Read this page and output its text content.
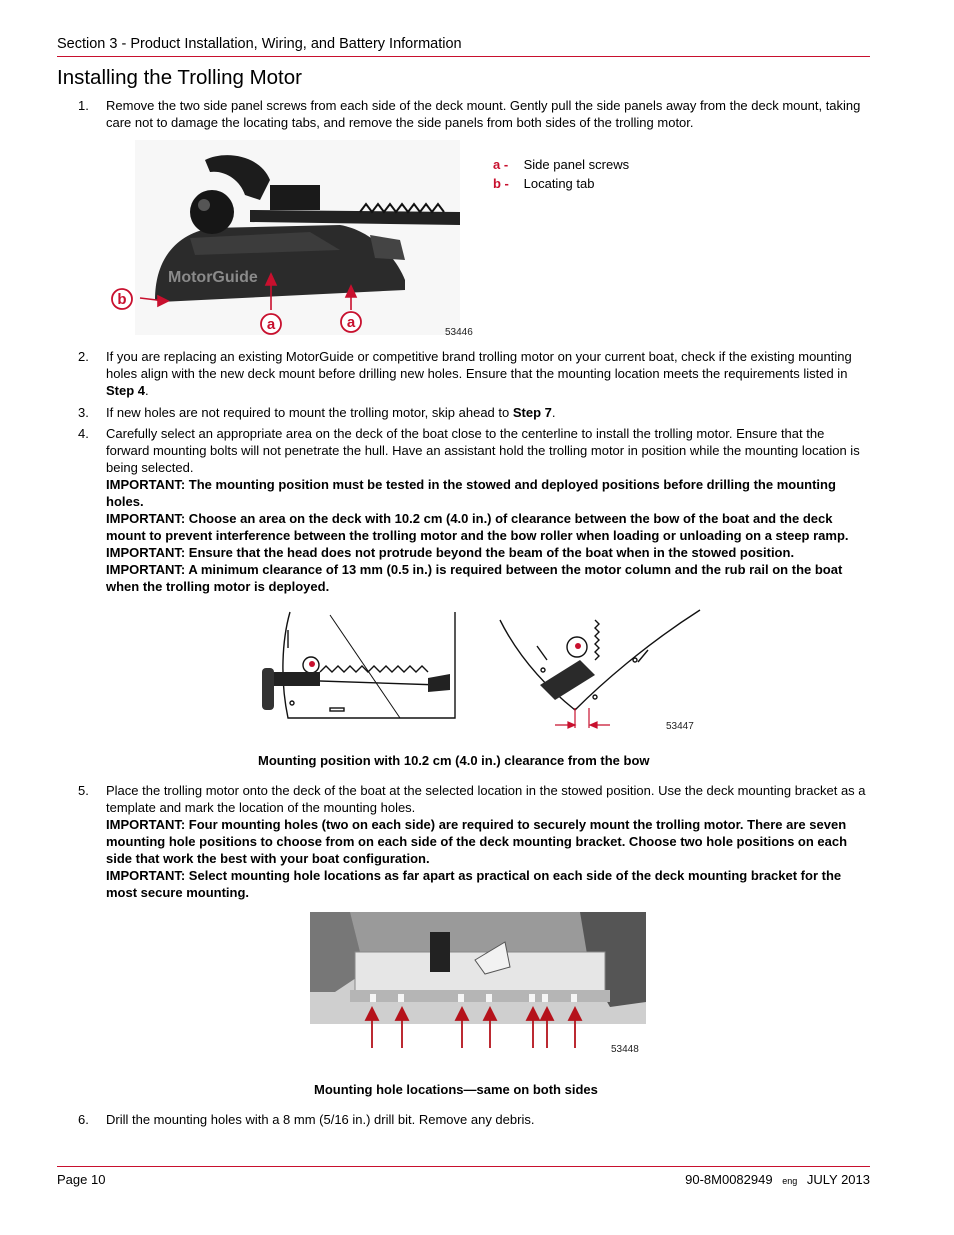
Section 3 - Product Installation, Wiring, and Battery Information
Installing the Trolling Motor
1. Remove the two side panel screws from each side of the deck mount. Gently pull the side panels away from the deck mount, taking care not to damage the locating tabs, and remove the side panels from both sides of the trolling motor.
MotorGuide
b
a	a
53446
a - Side panel screws
b - Locating tab
2. If you are replacing an existing MotorGuide or competitive brand trolling motor on your current boat, check if the existing mounting holes align with the new deck mount before drilling new holes. Ensure that the mounting location meets the requirements listed in Step 4.
3. If new holes are not required to mount the trolling motor, skip ahead to Step 7.
4. Carefully select an appropriate area on the deck of the boat close to the centerline to install the trolling motor. Ensure that the forward mounting bolts will not penetrate the hull. Have an assistant hold the trolling motor in position while the mounting location is being selected.
IMPORTANT: The mounting position must be tested in the stowed and deployed positions before drilling the mounting holes.
IMPORTANT: Choose an area on the deck with 10.2 cm (4.0 in.) of clearance between the bow of the boat and the deck mount to prevent interference between the trolling motor and the bow roller when loading or unloading on a steep ramp.
IMPORTANT: Ensure that the head does not protrude beyond the beam of the boat when in the stowed position.
IMPORTANT: A minimum clearance of 13 mm (0.5 in.) is required between the motor column and the rub rail on the boat when the trolling motor is deployed.
53447
Mounting position with 10.2 cm (4.0 in.) clearance from the bow
5. Place the trolling motor onto the deck of the boat at the selected location in the stowed position. Use the deck mounting bracket as a template and mark the location of the mounting holes.
IMPORTANT: Four mounting holes (two on each side) are required to securely mount the trolling motor. There are seven mounting hole positions to choose from on each side of the deck mounting bracket. Choose two hole positions on each side that work the best with your boat configuration.
IMPORTANT: Select mounting hole locations as far apart as practical on each side of the deck mounting bracket for the most secure mounting.
53448
Mounting hole locations—same on both sides
6. Drill the mounting holes with a 8 mm (5/16 in.) drill bit. Remove any debris.
Page 10	90-8M0082949 eng JULY 2013
